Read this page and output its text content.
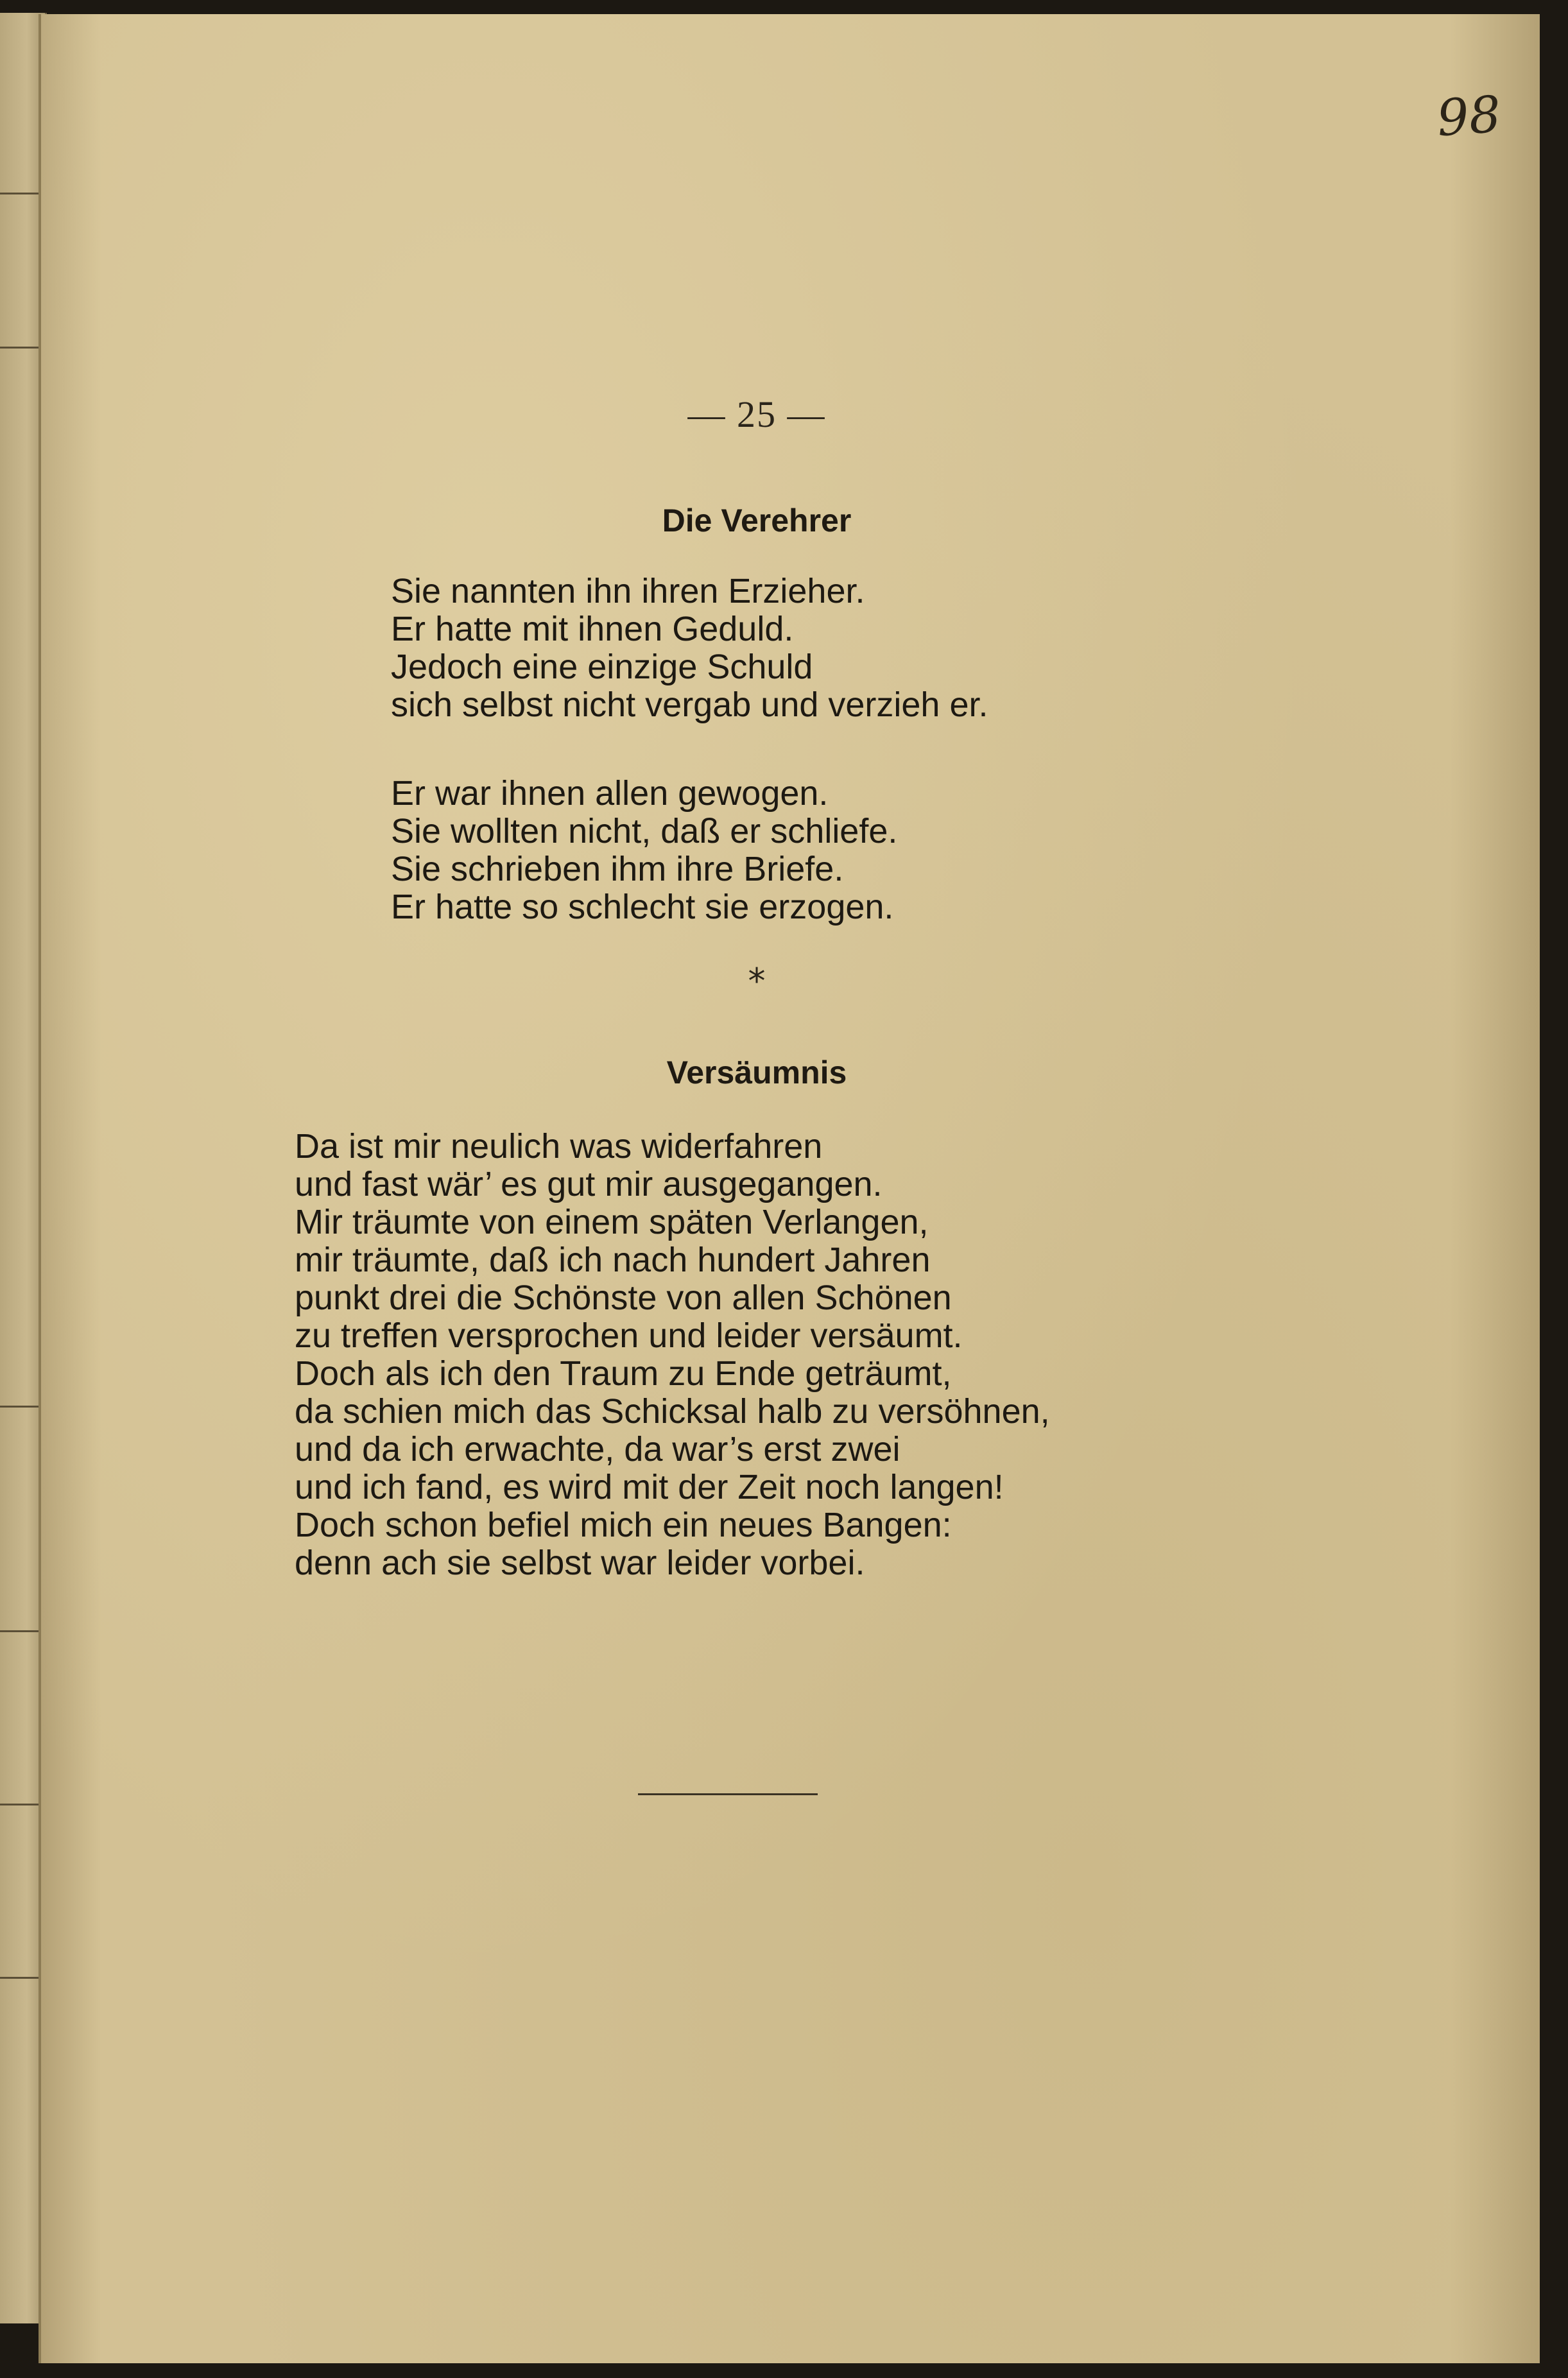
98
— 25 —
Die Verehrer
Sie nannten ihn ihren Erzieher.
Er hatte mit ihnen Geduld.
Jedoch eine einzige Schuld
sich selbst nicht vergab und verzieh er.
Er war ihnen allen gewogen.
Sie wollten nicht, daß er schliefe.
Sie schrieben ihm ihre Briefe.
Er hatte so schlecht sie erzogen.
*
Versäumnis
Da ist mir neulich was widerfahren
und fast wär’ es gut mir ausgegangen.
Mir träumte von einem späten Verlangen,
mir träumte, daß ich nach hundert Jahren
punkt drei die Schönste von allen Schönen
zu treffen versprochen und leider versäumt.
Doch als ich den Traum zu Ende geträumt,
da schien mich das Schicksal halb zu versöhnen,
und da ich erwachte, da war’s erst zwei
und ich fand, es wird mit der Zeit noch langen!
Doch schon befiel mich ein neues Bangen:
denn ach sie selbst war leider vorbei.
